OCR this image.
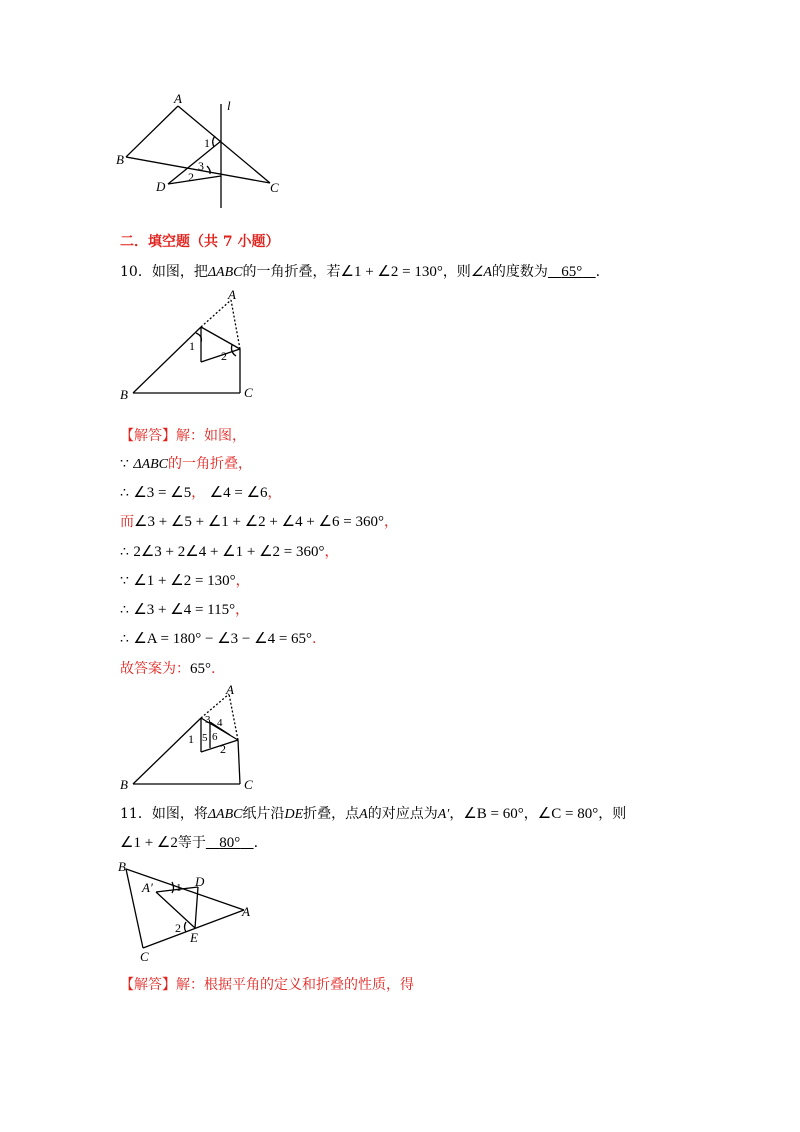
A
B
C
D
l
1
2
3
二．填空题（共 7 小题）
10．如图，把ΔABC的一角折叠，若∠1 + ∠2 = 130°，则∠A的度数为 65° .
A
B	C
1
2
【解答】解：如图，
∵ ΔABC的一角折叠，
∴ ∠3 = ∠5， ∠4 = ∠6，
而∠3 + ∠5 + ∠1 + ∠2 + ∠4 + ∠6 = 360°，
∴ 2∠3 + 2∠4 + ∠1 + ∠2 = 360°，
∵ ∠1 + ∠2 = 130°，
∴ ∠3 + ∠4 = 115°，
∴ ∠A = 180° − ∠3 − ∠4 = 65°.
故答案为：65°.
A
B	C
1
2
3 4
5 6
11．如图，将ΔABC纸片沿DE折叠，点A的对应点为A′，∠B = 60°，∠C = 80°，则
∠1 + ∠2等于 80° .
B
C
A
D
E
A′ 1
2
【解答】解：根据平角的定义和折叠的性质，得
